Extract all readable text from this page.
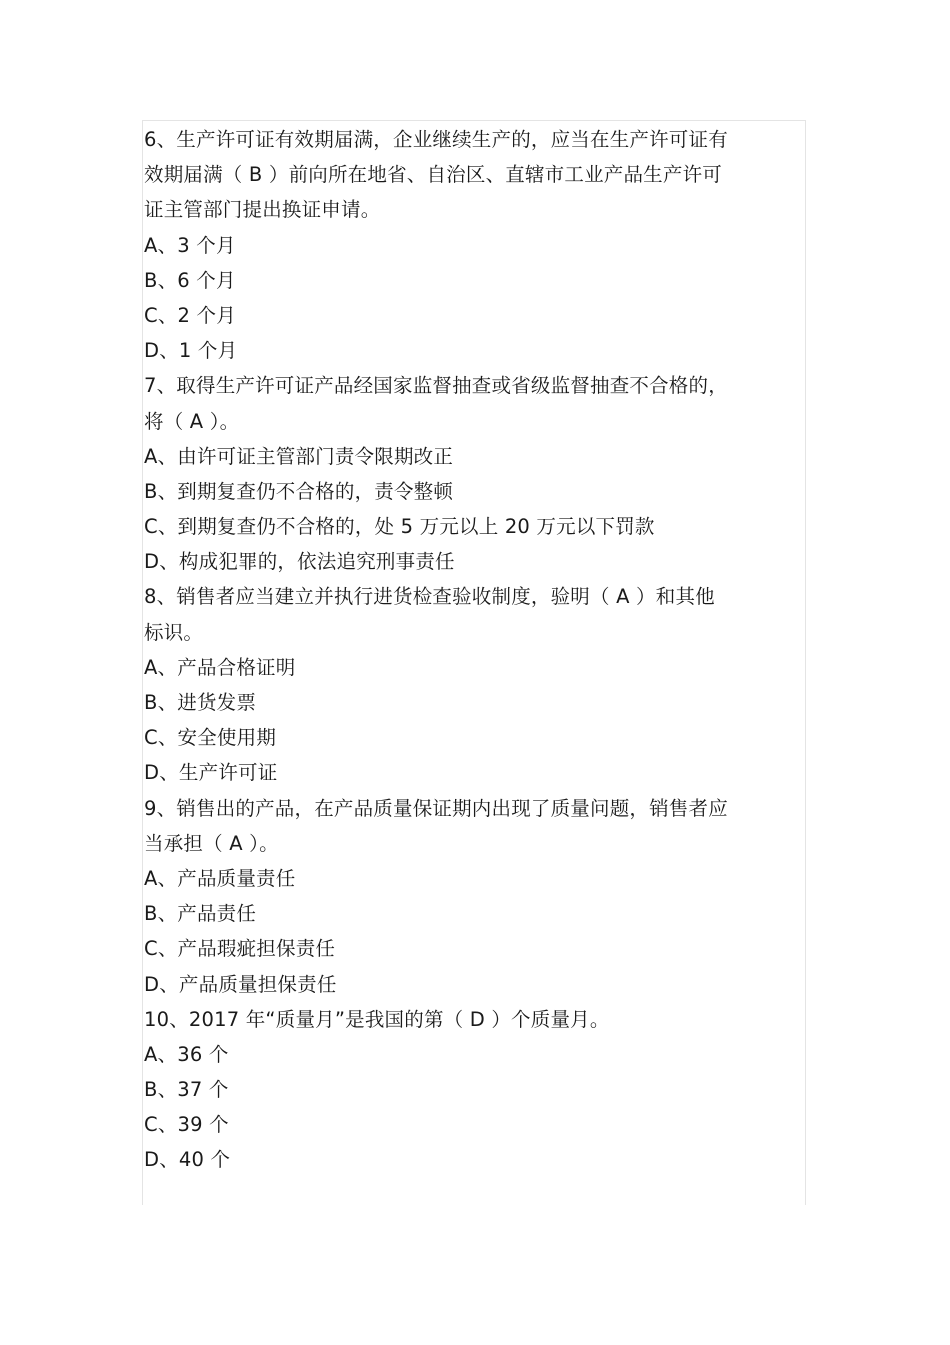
6、生产许可证有效期届满，企业继续生产的，应当在生产许可证有
效期届满（ B ）前向所在地省、自治区、直辖市工业产品生产许可
证主管部门提出换证申请。
A、3 个月
B、6 个月
C、2 个月
D、1 个月
7、取得生产许可证产品经国家监督抽查或省级监督抽查不合格的，
将（ A ）。
A、由许可证主管部门责令限期改正
B、到期复查仍不合格的，责令整顿
C、到期复查仍不合格的，处 5 万元以上 20 万元以下罚款
D、构成犯罪的，依法追究刑事责任
8、销售者应当建立并执行进货检查验收制度，验明（ A ）和其他
标识。
A、产品合格证明
B、进货发票
C、安全使用期
D、生产许可证
9、销售出的产品，在产品质量保证期内出现了质量问题，销售者应
当承担（ A ）。
A、产品质量责任
B、产品责任
C、产品瑕疵担保责任
D、产品质量担保责任
10、2017 年“质量月”是我国的第（ D ）个质量月。
A、36 个
B、37 个
C、39 个
D、40 个
